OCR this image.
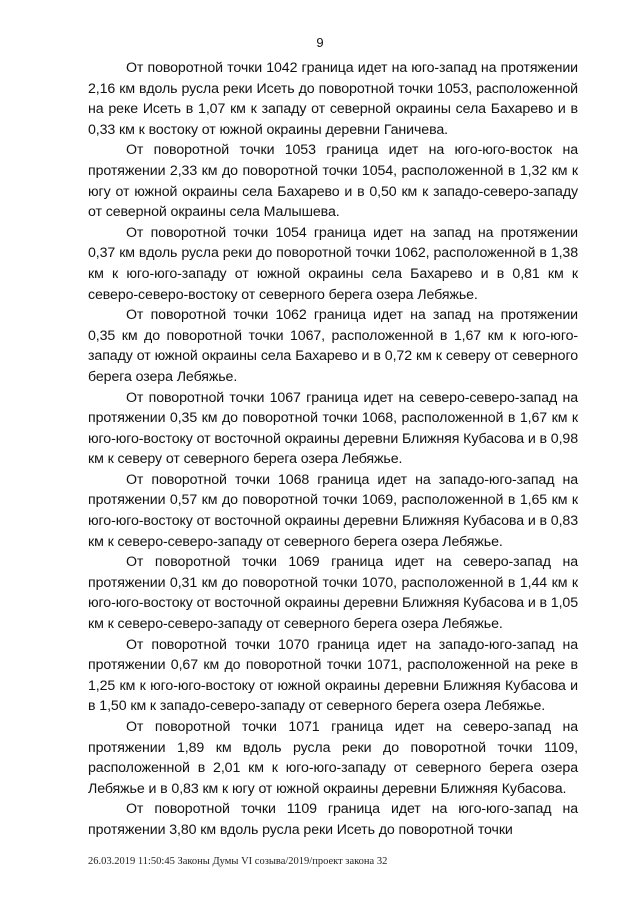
9

От поворотной точки 1042 граница идет на юго-запад на протяжении 2,16 км вдоль русла реки Исеть до поворотной точки 1053, расположенной на реке Исеть в 1,07 км к западу от северной окраины села Бахарево и в 0,33 км к востоку от южной окраины деревни Ганичева.

От поворотной точки 1053 граница идет на юго-юго-восток на протяжении 2,33 км до поворотной точки 1054, расположенной в 1,32 км к югу от южной окраины села Бахарево и в 0,50 км к западо-северо-западу от северной окраины села Малышева.

От поворотной точки 1054 граница идет на запад на протяжении 0,37 км вдоль русла реки до поворотной точки 1062, расположенной в 1,38 км к юго-юго-западу от южной окраины села Бахарево и в 0,81 км к северо-северо-востоку от северного берега озера Лебяжье.

От поворотной точки 1062 граница идет на запад на протяжении 0,35 км до поворотной точки 1067, расположенной в 1,67 км к юго-юго-западу от южной окраины села Бахарево и в 0,72 км к северу от северного берега озера Лебяжье.

От поворотной точки 1067 граница идет на северо-северо-запад на протяжении 0,35 км до поворотной точки 1068, расположенной в 1,67 км к юго-юго-востоку от восточной окраины деревни Ближняя Кубасова и в 0,98 км к северу от северного берега озера Лебяжье.

От поворотной точки 1068 граница идет на западо-юго-запад на протяжении 0,57 км до поворотной точки 1069, расположенной в 1,65 км к юго-юго-востоку от восточной окраины деревни Ближняя Кубасова и в 0,83 км к северо-северо-западу от северного берега озера Лебяжье.

От поворотной точки 1069 граница идет на северо-запад на протяжении 0,31 км до поворотной точки 1070, расположенной в 1,44 км к юго-юго-востоку от восточной окраины деревни Ближняя Кубасова и в 1,05 км к северо-северо-западу от северного берега озера Лебяжье.

От поворотной точки 1070 граница идет на западо-юго-запад на протяжении 0,67 км до поворотной точки 1071, расположенной на реке в 1,25 км к юго-юго-востоку от южной окраины деревни Ближняя Кубасова и в 1,50 км к западо-северо-западу от северного берега озера Лебяжье.

От поворотной точки 1071 граница идет на северо-запад на протяжении 1,89 км вдоль русла реки до поворотной точки 1109, расположенной в 2,01 км к юго-юго-западу от северного берега озера Лебяжье и в 0,83 км к югу от южной окраины деревни Ближняя Кубасова.

От поворотной точки 1109 граница идет на юго-юго-запад на протяжении 3,80 км вдоль русла реки Исеть до поворотной точки

26.03.2019 11:50:45 Законы Думы VI созыва/2019/проект закона 32
